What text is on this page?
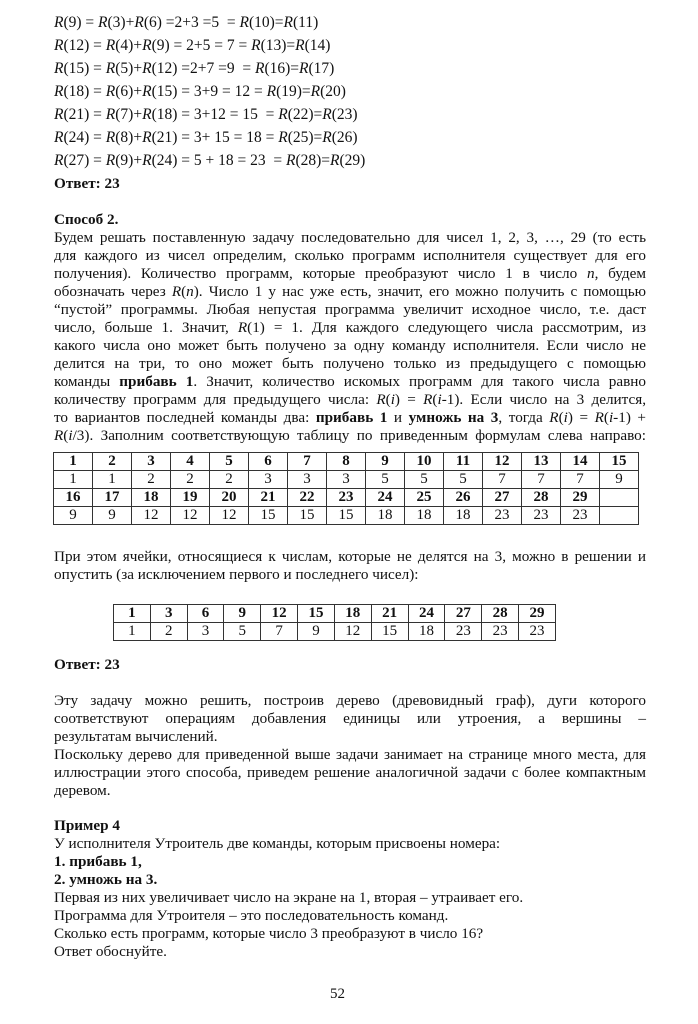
R(9) = R(3)+R(6) =2+3 =5  = R(10)=R(11)
R(12) = R(4)+R(9) = 2+5 = 7 = R(13)=R(14)
R(15) = R(5)+R(12) =2+7 =9  = R(16)=R(17)
R(18) = R(6)+R(15) = 3+9 = 12 = R(19)=R(20)
R(21) = R(7)+R(18) = 3+12 = 15  = R(22)=R(23)
R(24) = R(8)+R(21) = 3+ 15 = 18 = R(25)=R(26)
R(27) = R(9)+R(24) = 5 + 18 = 23  = R(28)=R(29)
Ответ: 23
Способ 2.
Будем решать поставленную задачу последовательно для чисел 1, 2, 3, …, 29 (то есть
для каждого из чисел определим, сколько программ исполнителя существует для его
получения). Количество программ, которые преобразуют число 1 в число n, будем
обозначать через R(n). Число 1 у нас уже есть, значит, его можно получить с помощью
“пустой” программы. Любая непустая программа увеличит исходное число, т.е. даст
число, больше 1. Значит, R(1) = 1. Для каждого следующего числа рассмотрим, из
какого числа оно может быть получено за одну команду исполнителя. Если число не
делится на три, то оно может быть получено только из предыдущего с помощью
команды прибавь 1. Значит, количество искомых программ для такого числа равно
количеству программ для предыдущего числа: R(i) = R(i-1). Если число на 3 делится,
то вариантов последней команды два: прибавь 1 и умножь на 3, тогда R(i) = R(i-1) +
R(i/3). Заполним соответствующую таблицу по приведенным формулам слева направо:
1	2	3	4	5	6	7	8	9	10	11	12	13	14	15
1	1	2	2	2	3	3	3	5	5	5	7	7	7	9
16	17	18	19	20	21	22	23	24	25	26	27	28	29	
9	9	12	12	12	15	15	15	18	18	18	23	23	23	
При этом ячейки, относящиеся к числам, которые не делятся на 3, можно в решении и
опустить (за исключением первого и последнего чисел):
1	3	6	9	12	15	18	21	24	27	28	29
1	2	3	5	7	9	12	15	18	23	23	23
Ответ: 23
Эту задачу можно решить, построив дерево (древовидный граф), дуги которого
соответствуют операциям добавления единицы или утроения, а вершины –
результатам вычислений.
Поскольку дерево для приведенной выше задачи занимает на странице много места, для
иллюстрации этого способа, приведем решение аналогичной задачи с более компактным
деревом.
Пример 4
У исполнителя Утроитель две команды, которым присвоены номера:
1. прибавь 1,
2. умножь на 3.
Первая из них увеличивает число на экране на 1, вторая – утраивает его.
Программа для Утроителя – это последовательность команд.
Сколько есть программ, которые число 3 преобразуют в число 16?
Ответ обоснуйте.
52
